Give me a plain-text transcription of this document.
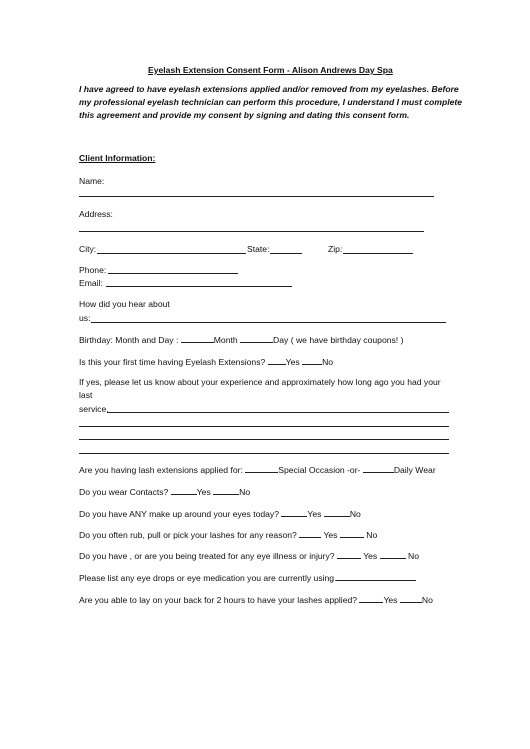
Eyelash Extension Consent Form - Alison Andrews Day Spa
I have agreed to have eyelash extensions applied and/or removed from my eyelashes. Before
my professional eyelash technician can perform this procedure, I understand I must complete
this agreement and provide my consent by signing and dating this consent form.
Client Information:
Name:
Address:
City:	State:	Zip:
Phone:
Email:
How did you hear about
us:
Birthday: Month and Day :	Month	Day ( we have birthday coupons! )
Is this your first time having Eyelash Extensions? Yes	No
If yes, please let us know about your experience and approximately how long ago you had your
last
service.
Are you having lash extensions applied for:	Special Occasion -or-	Daily Wear
Do you wear Contacts?	Yes	No
Do you have ANY make up around your eyes today?	Yes	No
Do you often rub, pull or pick your lashes for any reason?	Yes	No
Do you have , or are you being treated for any eye illness or injury?	Yes	No
Please list any eye drops or eye medication you are currently using.
Are you able to lay on your back for 2 hours to have your lashes applied?	Yes	No
